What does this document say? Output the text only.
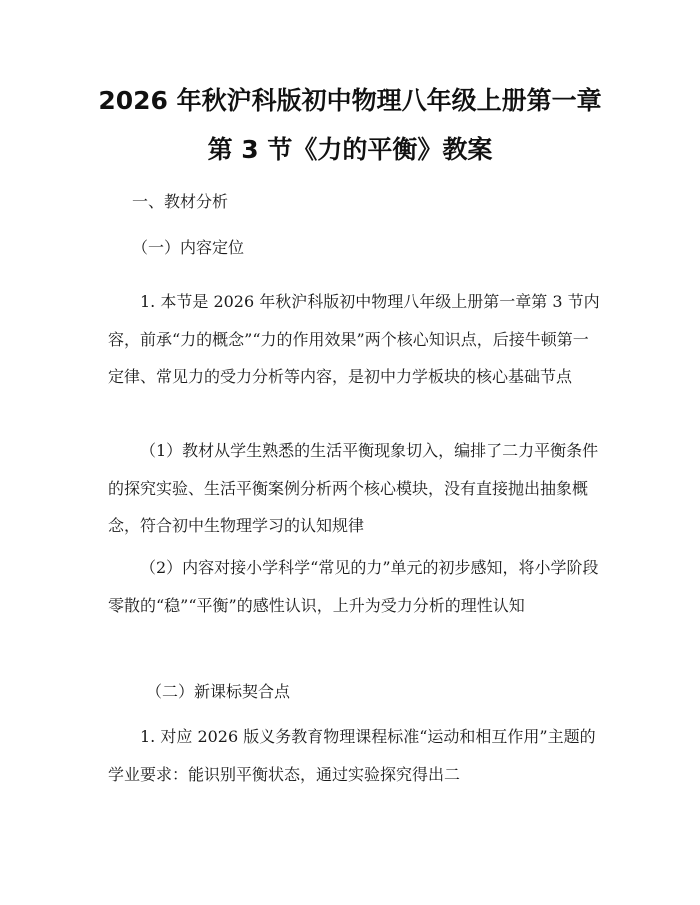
2026 年秋沪科版初中物理八年级上册第一章
第 3 节《力的平衡》教案
一、教材分析
（一）内容定位

1. 本节是 2026 年秋沪科版初中物理八年级上册第一章第 3 节内容，前承“力的概念”“力的作用效果”两个核心知识点，后接牛顿第一定律、常见力的受力分析等内容，是初中力学板块的核心基础节点

（1）教材从学生熟悉的生活平衡现象切入，编排了二力平衡条件的探究实验、生活平衡案例分析两个核心模块，没有直接抛出抽象概念，符合初中生物理学习的认知规律

（2）内容对接小学科学“常见的力”单元的初步感知，将小学阶段零散的“稳”“平衡”的感性认识，上升为受力分析的理性认知

（二）新课标契合点

1. 对应 2026 版义务教育物理课程标准“运动和相互作用”主题的学业要求：能识别平衡状态，通过实验探究得出二
